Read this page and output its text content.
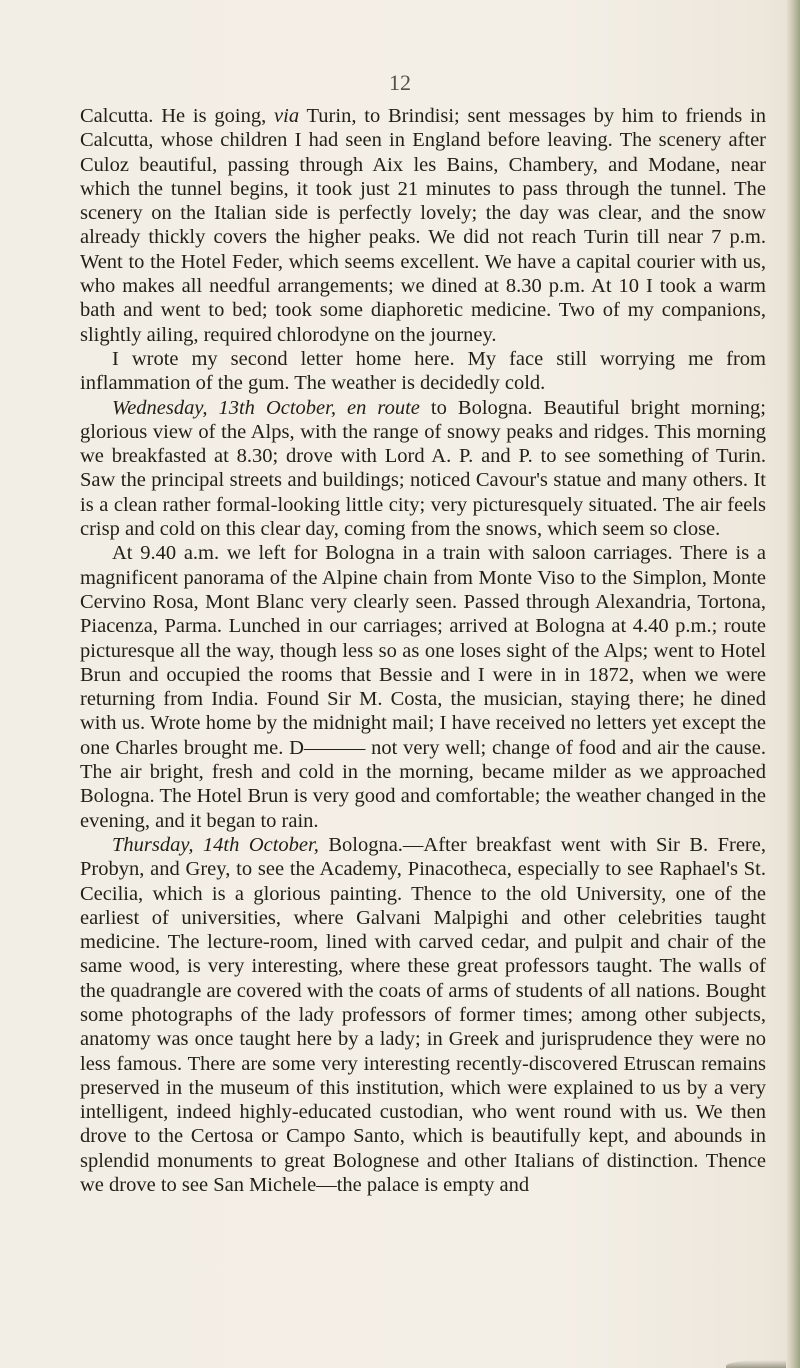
12

Calcutta. He is going, via Turin, to Brindisi; sent messages by him to friends in Calcutta, whose children I had seen in England before leaving. The scenery after Culoz beautiful, passing through Aix les Bains, Chambery, and Modane, near which the tunnel begins, it took just 21 minutes to pass through the tunnel. The scenery on the Italian side is perfectly lovely; the day was clear, and the snow already thickly covers the higher peaks. We did not reach Turin till near 7 p.m. Went to the Hotel Feder, which seems excellent. We have a capital courier with us, who makes all needful arrangements; we dined at 8.30 p.m. At 10 I took a warm bath and went to bed; took some diaphoretic medicine. Two of my companions, slightly ailing, required chlorodyne on the journey.

I wrote my second letter home here. My face still worrying me from inflammation of the gum. The weather is decidedly cold.

Wednesday, 13th October, en route to Bologna. Beautiful bright morning; glorious view of the Alps, with the range of snowy peaks and ridges. This morning we breakfasted at 8.30; drove with Lord A. P. and P. to see something of Turin. Saw the principal streets and buildings; noticed Cavour's statue and many others. It is a clean rather formal-looking little city; very picturesquely situated. The air feels crisp and cold on this clear day, coming from the snows, which seem so close.

At 9.40 a.m. we left for Bologna in a train with saloon carriages. There is a magnificent panorama of the Alpine chain from Monte Viso to the Simplon, Monte Cervino Rosa, Mont Blanc very clearly seen. Passed through Alexandria, Tortona, Piacenza, Parma. Lunched in our carriages; arrived at Bologna at 4.40 p.m.; route picturesque all the way, though less so as one loses sight of the Alps; went to Hotel Brun and occupied the rooms that Bessie and I were in in 1872, when we were returning from India. Found Sir M. Costa, the musician, staying there; he dined with us. Wrote home by the midnight mail; I have received no letters yet except the one Charles brought me. D——— not very well; change of food and air the cause. The air bright, fresh and cold in the morning, became milder as we approached Bologna. The Hotel Brun is very good and comfortable; the weather changed in the evening, and it began to rain.

Thursday, 14th October, Bologna.—After breakfast went with Sir B. Frere, Probyn, and Grey, to see the Academy, Pinacotheca, especially to see Raphael's St. Cecilia, which is a glorious painting. Thence to the old University, one of the earliest of universities, where Galvani Malpighi and other celebrities taught medicine. The lecture-room, lined with carved cedar, and pulpit and chair of the same wood, is very interesting, where these great professors taught. The walls of the quadrangle are covered with the coats of arms of students of all nations. Bought some photographs of the lady professors of former times; among other subjects, anatomy was once taught here by a lady; in Greek and jurisprudence they were no less famous. There are some very interesting recently-discovered Etruscan remains preserved in the museum of this institution, which were explained to us by a very intelligent, indeed highly-educated custodian, who went round with us. We then drove to the Certosa or Campo Santo, which is beautifully kept, and abounds in splendid monuments to great Bolognese and other Italians of distinction. Thence we drove to see San Michele—the palace is empty and
